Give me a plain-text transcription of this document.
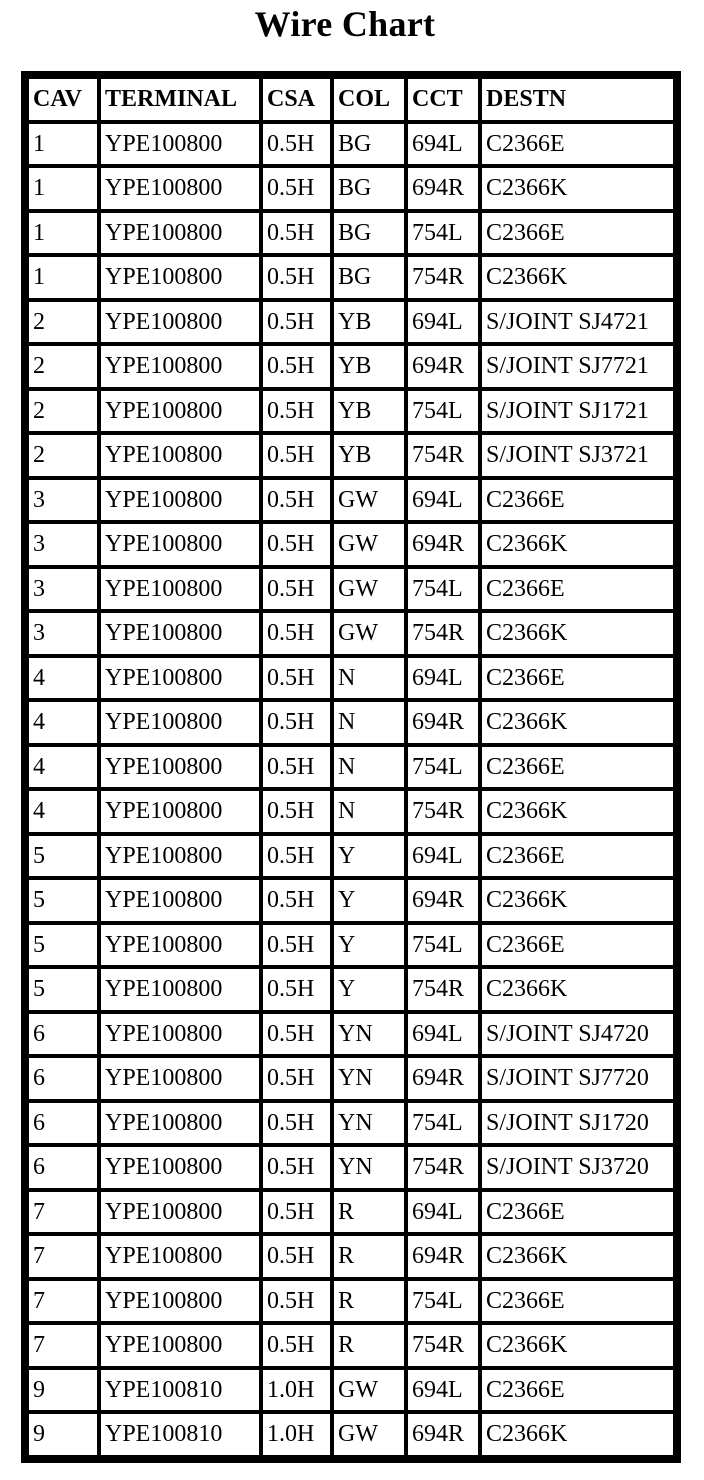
Wire Chart
CAV	TERMINAL	CSA	COL	CCT	DESTN
1	YPE100800	0.5H	BG	694L	C2366E
1	YPE100800	0.5H	BG	694R	C2366K
1	YPE100800	0.5H	BG	754L	C2366E
1	YPE100800	0.5H	BG	754R	C2366K
2	YPE100800	0.5H	YB	694L	S/JOINT SJ4721
2	YPE100800	0.5H	YB	694R	S/JOINT SJ7721
2	YPE100800	0.5H	YB	754L	S/JOINT SJ1721
2	YPE100800	0.5H	YB	754R	S/JOINT SJ3721
3	YPE100800	0.5H	GW	694L	C2366E
3	YPE100800	0.5H	GW	694R	C2366K
3	YPE100800	0.5H	GW	754L	C2366E
3	YPE100800	0.5H	GW	754R	C2366K
4	YPE100800	0.5H	N	694L	C2366E
4	YPE100800	0.5H	N	694R	C2366K
4	YPE100800	0.5H	N	754L	C2366E
4	YPE100800	0.5H	N	754R	C2366K
5	YPE100800	0.5H	Y	694L	C2366E
5	YPE100800	0.5H	Y	694R	C2366K
5	YPE100800	0.5H	Y	754L	C2366E
5	YPE100800	0.5H	Y	754R	C2366K
6	YPE100800	0.5H	YN	694L	S/JOINT SJ4720
6	YPE100800	0.5H	YN	694R	S/JOINT SJ7720
6	YPE100800	0.5H	YN	754L	S/JOINT SJ1720
6	YPE100800	0.5H	YN	754R	S/JOINT SJ3720
7	YPE100800	0.5H	R	694L	C2366E
7	YPE100800	0.5H	R	694R	C2366K
7	YPE100800	0.5H	R	754L	C2366E
7	YPE100800	0.5H	R	754R	C2366K
9	YPE100810	1.0H	GW	694L	C2366E
9	YPE100810	1.0H	GW	694R	C2366K
